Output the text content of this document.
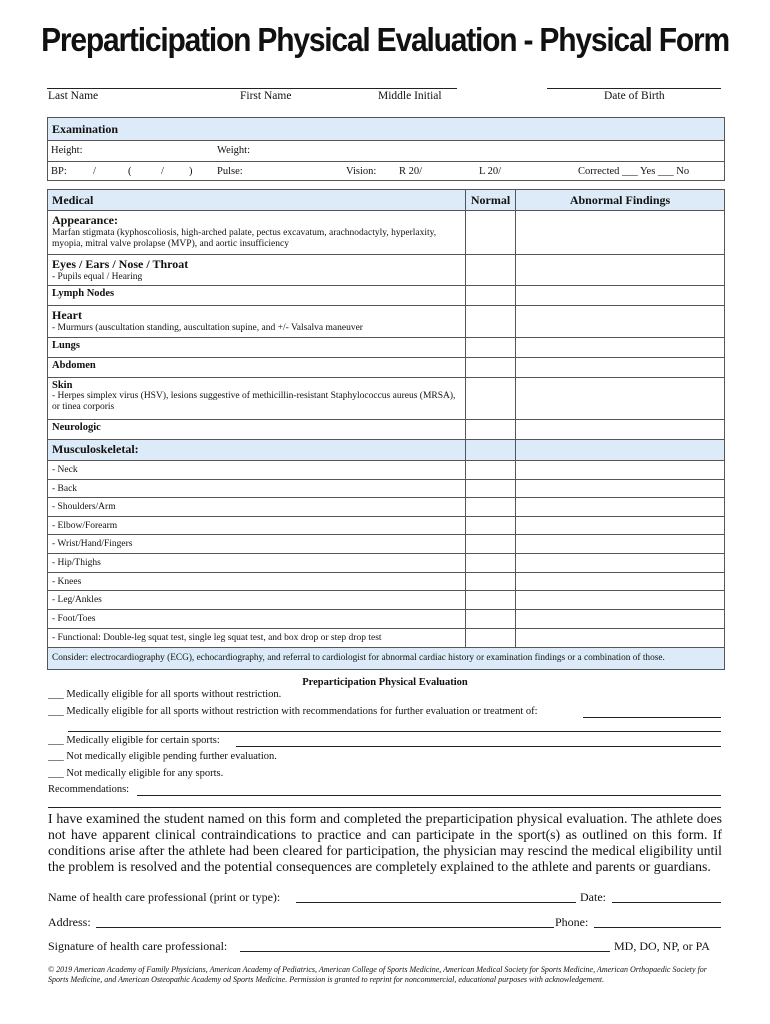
Preparticipation Physical Evaluation - Physical Form
Last Name	First Name	Middle Initial	Date of Birth
Examination
Height:	Weight:
BP: /	(	/ ) Pulse:	Vision: R 20/	L 20/	Corrected ___ Yes ___ No
Medical	Normal	Abnormal Findings
Appearance:
Marfan stigmata (kyphoscoliosis, high-arched palate, pectus excavatum, arachnodactyly, hyperlaxity, myopia, mitral valve prolapse (MVP), and aortic insufficiency
Eyes / Ears / Nose / Throat
- Pupils equal / Hearing
Lymph Nodes
Heart
- Murmurs (auscultation standing, auscultation supine, and +/- Valsalva maneuver
Lungs
Abdomen
Skin
- Herpes simplex virus (HSV), lesions suggestive of methicillin-resistant Staphylococcus aureus (MRSA), or tinea corporis
Neurologic
Musculoskeletal:
- Neck
- Back
- Shoulders/Arm
- Elbow/Forearm
- Wrist/Hand/Fingers
- Hip/Thighs
- Knees
- Leg/Ankles
- Foot/Toes
- Functional: Double-leg squat test, single leg squat test, and box drop or step drop test
Consider: electrocardiography (ECG), echocardiography, and referral to cardiologist for abnormal cardiac history or examination findings or a combination of those.
Preparticipation Physical Evaluation
___ Medically eligible for all sports without restriction.
___ Medically eligible for all sports without restriction with recommendations for further evaluation or treatment of:
___ Medically eligible for certain sports:
___ Not medically eligible pending further evaluation.
___ Not medically eligible for any sports.
Recommendations:
I have examined the student named on this form and completed the preparticipation physical evaluation. The athlete does not have apparent clinical contraindications to practice and can participate in the sport(s) as outlined on this form. If conditions arise after the athlete had been cleared for participation, the physician may rescind the medical eligibility until the problem is resolved and the potential consequences are completely explained to the athlete and parents or guardians.
Name of health care professional (print or type):	Date:
Address:	Phone:
Signature of health care professional:	MD, DO, NP, or PA
© 2019 American Academy of Family Physicians, American Academy of Pediatrics, American College of Sports Medicine, American Medical Society for Sports Medicine, American Orthopaedic Society for Sports Medicine, and American Osteopathic Academy od Sports Medicine. Permission is granted to reprint for noncommercial, educational purposes with acknowledgement.
